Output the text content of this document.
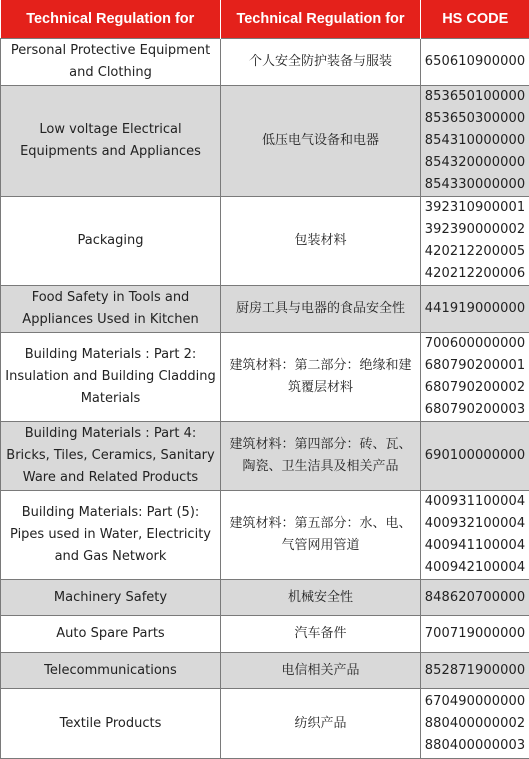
Technical Regulation for	Technical Regulation for	HS CODE
Personal Protective Equipment and Clothing	个人安全防护装备与服装	650610900000

Low voltage Electrical Equipments and Appliances	低压电气设备和电器	853650100000
853650300000
854310000000
854320000000
854330000000

Packaging	包装材料	392310900001
392390000002
420212200005
420212200006

Food Safety in Tools and Appliances Used in Kitchen	厨房工具与电器的食品安全性	441919000000

Building Materials : Part 2: Insulation and Building Cladding Materials	建筑材料：第二部分：绝缘和建筑覆层材料	700600000000
680790200001
680790200002
680790200003

Building Materials : Part 4: Bricks, Tiles, Ceramics, Sanitary Ware and Related Products	建筑材料：第四部分：砖、瓦、陶瓷、卫生洁具及相关产品	690100000000

Building Materials: Part (5): Pipes used in Water, Electricity and Gas Network	建筑材料：第五部分：水、电、气管网用管道	400931100004
400932100004
400941100004
400942100004

Machinery Safety	机械安全性	848620700000

Auto Spare Parts	汽车备件	700719000000

Telecommunications	电信相关产品	852871900000

Textile Products	纺织产品	670490000000
880400000002
880400000003
